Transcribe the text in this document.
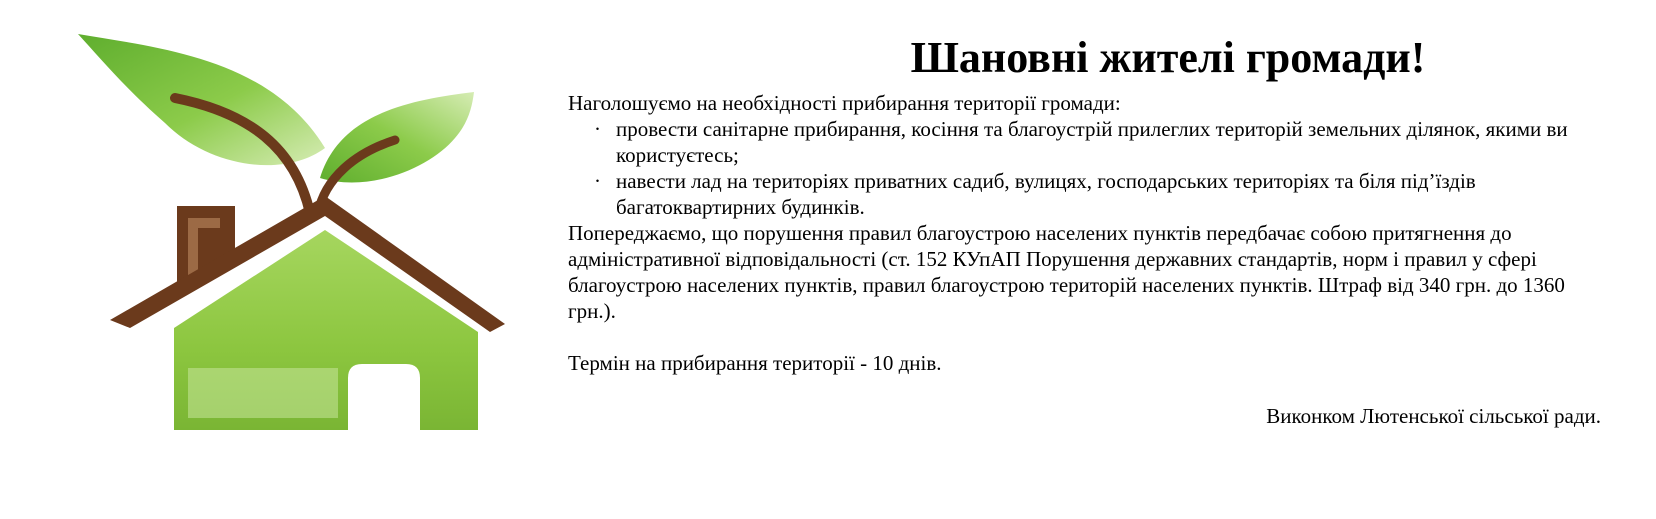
Шановні жителі громади!

Наголошуємо на необхідності прибирання території громади:

· провести санітарне прибирання, косіння та благоустрій прилеглих територій земельних ділянок, якими ви користуєтесь;
· навести лад на територіях приватних садиб, вулицях, господарських територіях та біля під’їздів багатоквартирних будинків.

Попереджаємо, що порушення правил благоустрою населених пунктів передбачає собою притягнення до адміністративної відповідальності (ст. 152 КУпАП Порушення державних стандартів, норм і правил у сфері благоустрою населених пунктів, правил благоустрою територій населених пунктів. Штраф від 340 грн. до 1360 грн.).

Термін на прибирання території - 10 днів.

Виконком Лютенської сільської ради.
